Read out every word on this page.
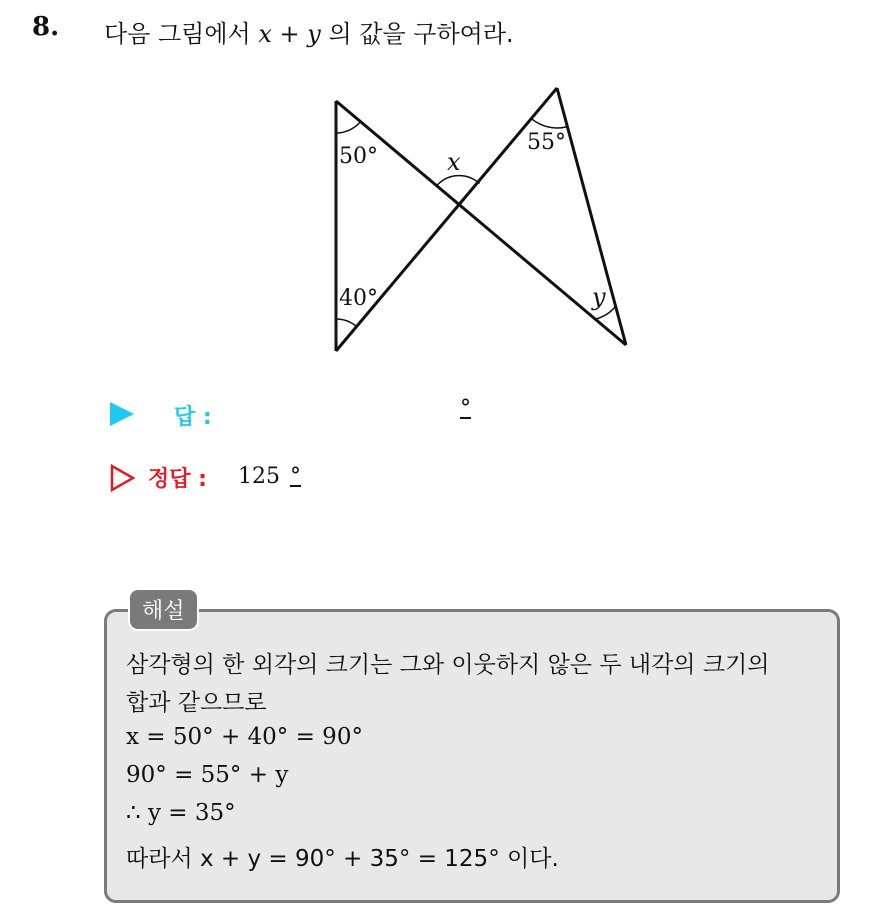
8. 다음 그림에서 x + y 의 값을 구하여라.
50°
40°
55°
x
y
답 :	°
정답 : 125 °
해설
삼각형의 한 외각의 크기는 그와 이웃하지 않은 두 내각의 크기의
합과 같으므로
x = 50° + 40° = 90°
90° = 55° + y
∴ y = 35°
따라서 x + y = 90° + 35° = 125° 이다.
